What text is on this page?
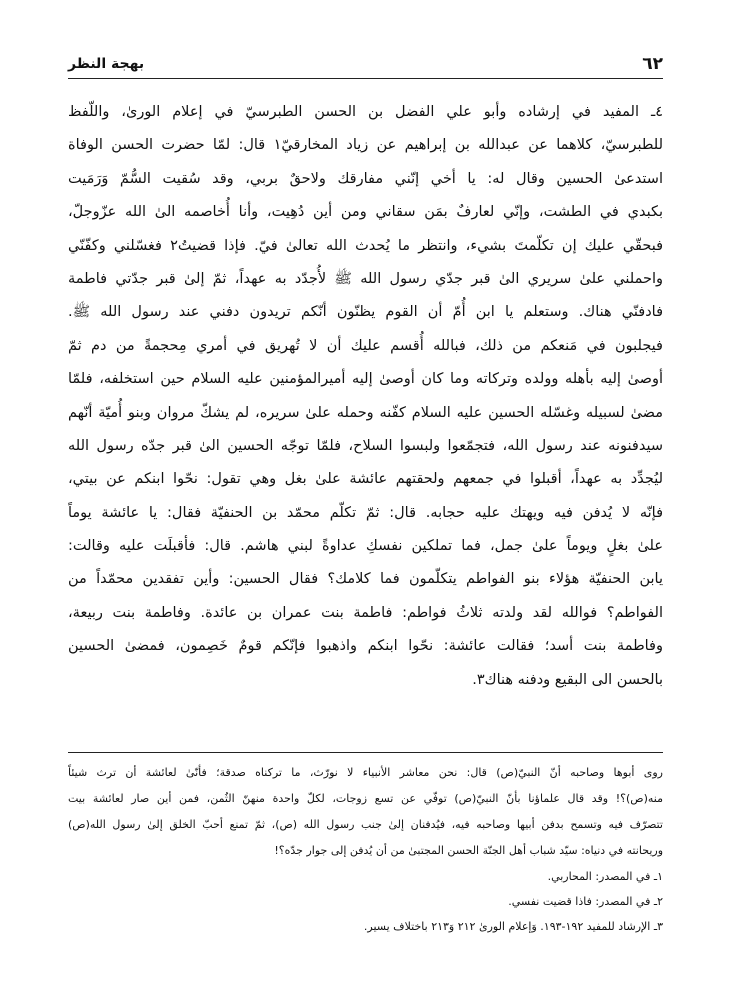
٦٢
بهجة النظر
٤ـ المفيد في إرشاده وأبو علي الفضل بن الحسن الطبرسيّ في إعلام الورىٰ، واللّفظ
للطبرسيّ، كلاهما عن عبدالله بن إبراهيم عن زياد المخارقيّ١ قال: لمّا حضرت الحسن الوفاة
استدعىٰ الحسين وقال له: يا أخي إنّني مفارقك ولاحقٌ بربي، وقد سُقيت السُّمّ وَرَمَيت
بكبدي في الطشت، وإنّي لعارفٌ بمَن سقاني ومن أين دُهِيت، وأنا أُخاصمه الىٰ الله عزّوجلّ،
فبحقّي عليك إن تكلّمتَ بشيء، وانتظر ما يُحدث الله تعالىٰ فيّ. فإذا قضيتُ٢ فغسّلني وكفّنّي
واحملني علىٰ سريري الىٰ قبر جدّي رسول الله ﷺ لأُجدّد به عهداً، ثمّ إلىٰ قبر جدّتي فاطمة
فادفنّي هناك. وستعلم يا ابن أُمّ أن القوم يظنّون أنّكم تريدون دفني عند رسول الله ﷺ.
فيجلبون في مَنعكم من ذلك، فبالله أُقسم عليك أن لا تُهريق في أمري مِحجمةً من دم ثمّ
أوصىٰ إليه بأهله وولده وتركاته وما كان أوصىٰ إليه أميرالمؤمنين عليه السلام حين استخلفه، فلمّا
مضىٰ لسبيله وغسّله الحسين عليه السلام كفّنه وحمله علىٰ سريره، لم يشكّ مروان وبنو أُميّة أنّهم
سيدفنونه عند رسول الله، فتجمّعوا ولبسوا السلاح، فلمّا توجّه الحسين الىٰ قبر جدّه رسول الله
ليُجدِّد به عهداً، أقبلوا في جمعهم ولحقتهم عائشة علىٰ بغل وهي تقول: نحّوا ابنكم عن بيتي،
فإنّه لا يُدفن فيه ويهتك عليه حجابه. قال: ثمّ تكلّم محمّد بن الحنفيّة فقال: يا عائشة يوماً
علىٰ بغلٍ ويوماً علىٰ جمل، فما تملكين نفسكِ عداوةً لبني هاشم. قال: فأقبلَت عليه وقالت:
يابن الحنفيّة هؤلاء بنو الفواطم يتكلّمون فما كلامك؟ فقال الحسين: وأين تفقدين محمّداً من
الفواطم؟ فوالله لقد ولدته ثلاثُ فواطم: فاطمة بنت عمران بن عائدة. وفاطمة بنت ربيعة،
وفاطمة بنت أسد؛ فقالت عائشة: نحّوا ابنكم واذهبوا فإنّكم قومٌ خَصِمون، فمضىٰ الحسين
بالحسن الى البقيع ودفنه هناك٣.
روى أبوها وصاحبه أنّ النبيّ(ص) قال: نحن معاشر الأنبياء لا نورّث، ما تركناه صدقة؛ فأنّىٰ لعائشة أن ترث شيئاً
منه(ص)؟! وقد قال علماؤنا بأنّ النبيّ(ص) توفّي عن تسع زوجات، لكلّ واحدة منهنّ الثُمن، فمن أين صار لعائشة بيت
تتصرّف فيه وتسمح بدفن أبيها وصاحبه فيه، فيُدفنان إلىٰ جنب رسول الله (ص)، ثمّ تمنع أحبّ الخلق إلىٰ رسول الله(ص)
وريحانته في دنياه: سيّد شباب أهل الجنّة الحسن المجتبىٰ من أن يُدفن إلى جوار جدّه؟!
١ـ في المصدر: المحاربي.
٢ـ في المصدر: فاذا قضيت نفسي.
٣ـ الإرشاد للمفيد ١٩٢-١٩٣. وَإعلام الورىٰ ٢١٢ وَ٢١٣ باختلاف يسير.
